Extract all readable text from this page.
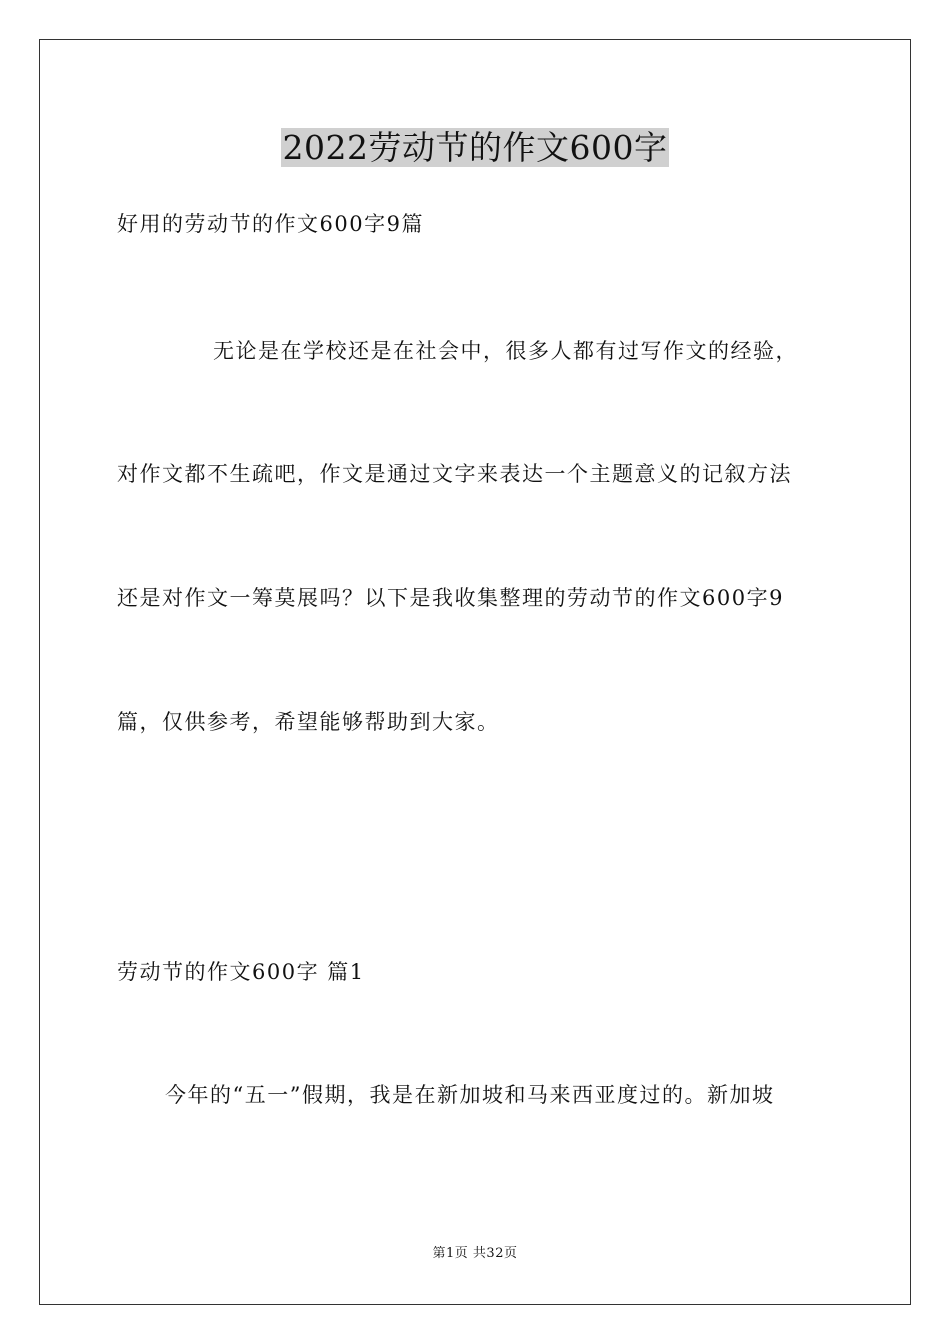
2022劳动节的作文600字
好用的劳动节的作文600字9篇
无论是在学校还是在社会中，很多人都有过写作文的经验，
对作文都不生疏吧，作文是通过文字来表达一个主题意义的记叙方法
还是对作文一筹莫展吗？以下是我收集整理的劳动节的作文600字9
篇，仅供参考，希望能够帮助到大家。
劳动节的作文600字 篇1
今年的“五一”假期，我是在新加坡和马来西亚度过的。新加坡
第1页 共32页
